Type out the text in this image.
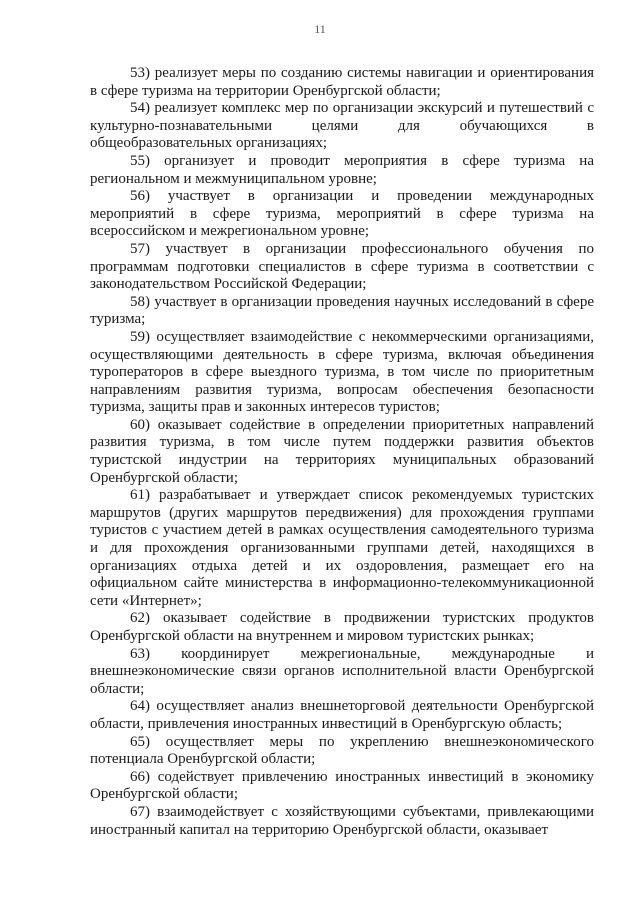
11

53) реализует меры по созданию системы навигации и ориентирования в сфере туризма на территории Оренбургской области;

54) реализует комплекс мер по организации экскурсий и путешествий с культурно-познавательными целями для обучающихся в общеобразовательных организациях;

55) организует и проводит мероприятия в сфере туризма на региональном и межмуниципальном уровне;

56) участвует в организации и проведении международных мероприятий в сфере туризма, мероприятий в сфере туризма на всероссийском и межрегиональном уровне;

57) участвует в организации профессионального обучения по программам подготовки специалистов в сфере туризма в соответствии с законодательством Российской Федерации;

58) участвует в организации проведения научных исследований в сфере туризма;

59) осуществляет взаимодействие с некоммерческими организациями, осуществляющими деятельность в сфере туризма, включая объединения туроператоров в сфере выездного туризма, в том числе по приоритетным направлениям развития туризма, вопросам обеспечения безопасности туризма, защиты прав и законных интересов туристов;

60) оказывает содействие в определении приоритетных направлений развития туризма, в том числе путем поддержки развития объектов туристской индустрии на территориях муниципальных образований Оренбургской области;

61) разрабатывает и утверждает список рекомендуемых туристских маршрутов (других маршрутов передвижения) для прохождения группами туристов с участием детей в рамках осуществления самодеятельного туризма и для прохождения организованными группами детей, находящихся в организациях отдыха детей и их оздоровления, размещает его на официальном сайте министерства в информационно-телекоммуникационной сети «Интернет»;

62) оказывает содействие в продвижении туристских продуктов Оренбургской области на внутреннем и мировом туристских рынках;

63) координирует межрегиональные, международные и внешнеэкономические связи органов исполнительной власти Оренбургской области;

64) осуществляет анализ внешнеторговой деятельности Оренбургской области, привлечения иностранных инвестиций в Оренбургскую область;

65) осуществляет меры по укреплению внешнеэкономического потенциала Оренбургской области;

66) содействует привлечению иностранных инвестиций в экономику Оренбургской области;

67) взаимодействует с хозяйствующими субъектами, привлекающими иностранный капитал на территорию Оренбургской области, оказывает
